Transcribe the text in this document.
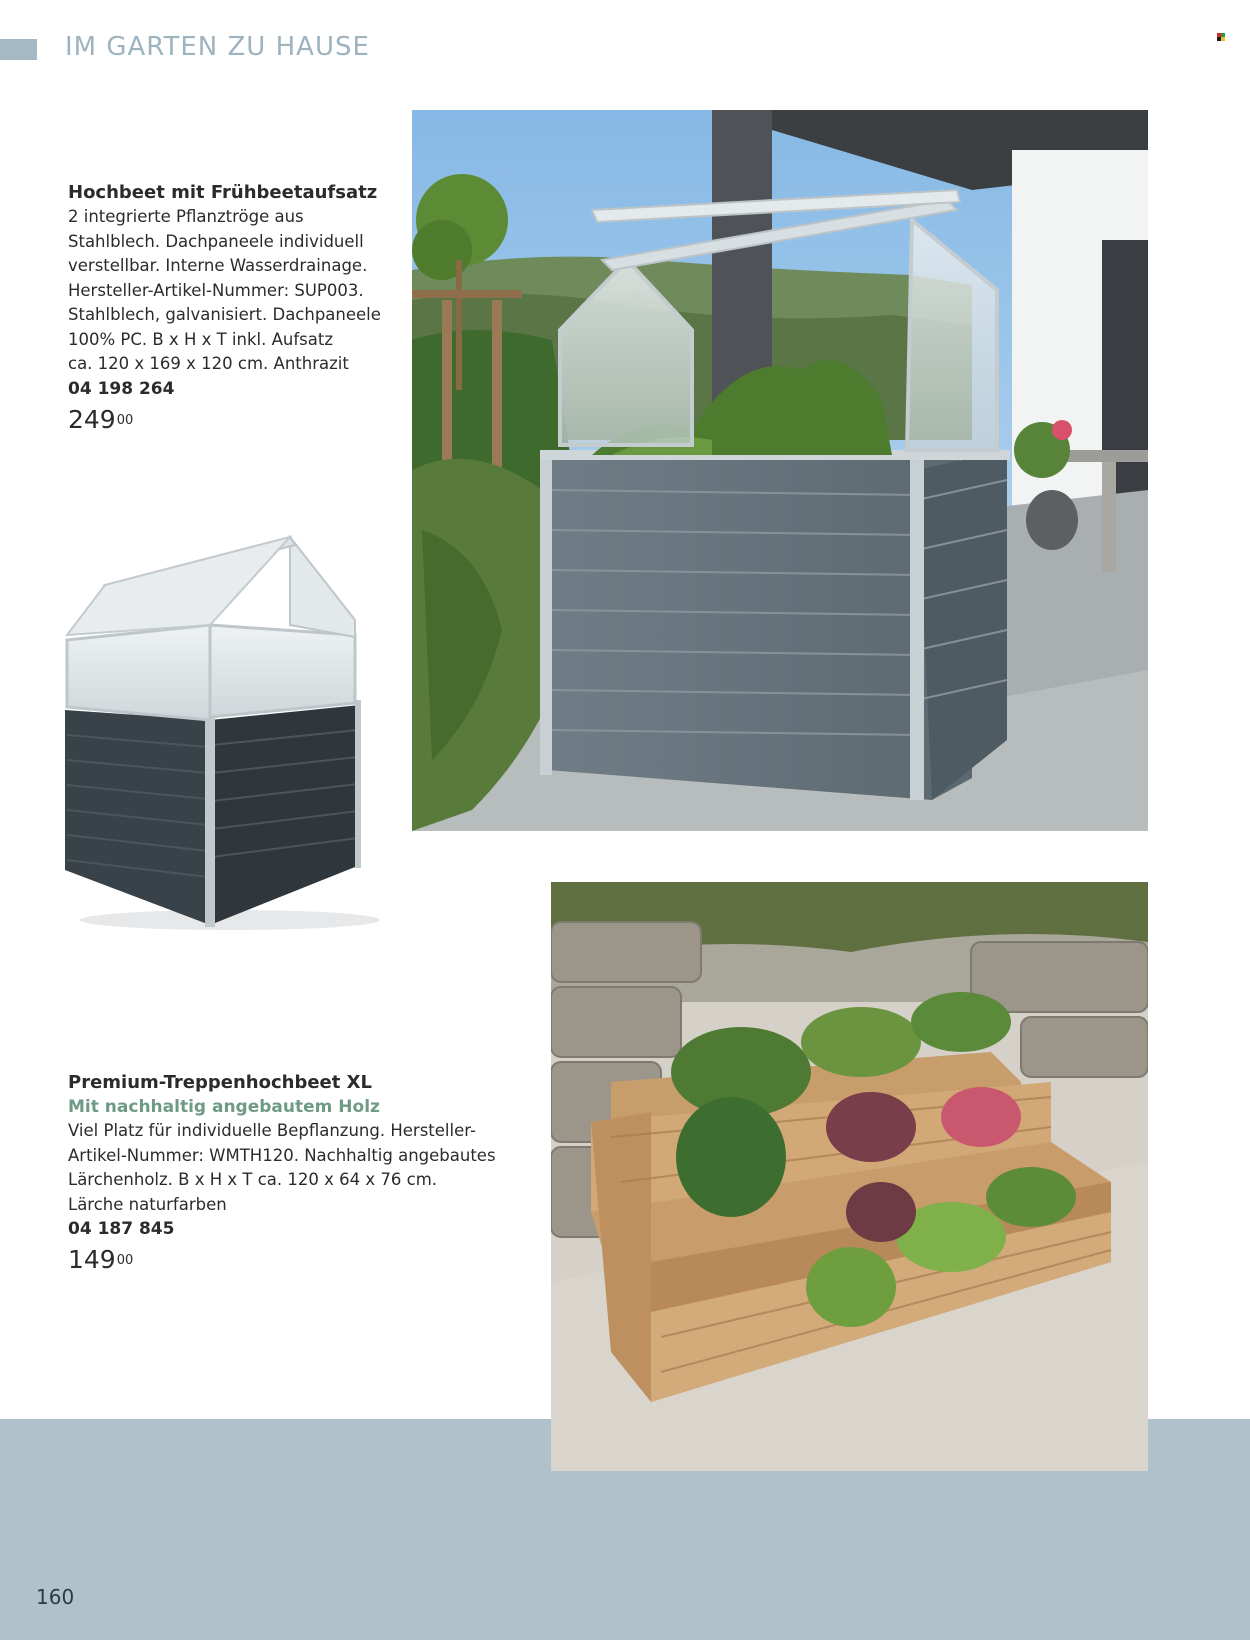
IM GARTEN ZU HAUSE
Hochbeet mit Frühbeetaufsatz
2 integrierte Pflanztröge aus
Stahlblech. Dachpaneele individuell
verstellbar. Interne Wasserdrainage.
Hersteller-Artikel-Nummer: SUP003.
Stahlblech, galvanisiert. Dachpaneele
100% PC. B x H x T inkl. Aufsatz
ca. 120 x 169 x 120 cm. Anthrazit
04 198 264
$249^{00}$
Premium-Treppenhochbeet XL
Mit nachhaltig angebautem Holz
Viel Platz für individuelle Bepflanzung. Hersteller-
Artikel-Nummer: WMTH120. Nachhaltig angebautes
Lärchenholz. B x H x T ca. 120 x 64 x 76 cm.
Lärche naturfarben
04 187 845
$149^{00}$
160
